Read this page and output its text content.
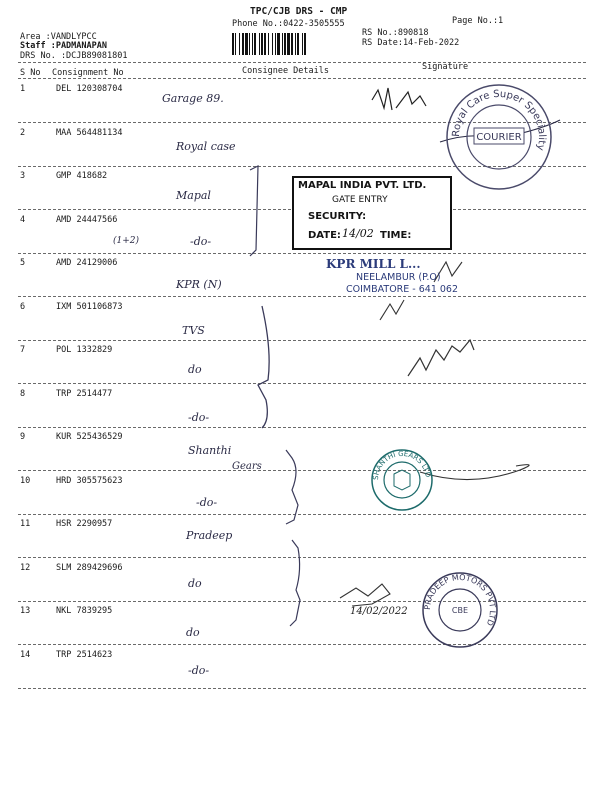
TPC/CJB DRS - CMP
Phone No.:0422-3505555	Page No.:1
Area :VANDLYPCC
Staff :PADMANAPAN
DRS No. :DCJB89081801
RS No.:890818
RS Date:14-Feb-2022
S No Consignment No	Consignee Details	Signature
1	DEL 120308704
Garage 89.
2	MAA 564481134
Royal case
3	GMP 418682
Mapal
4	AMD 24447566
-do-
5	AMD 24129006
KPR (N)
6	IXM 501106873
TVS
7	POL 1332829
do
8	TRP 2514477
-do-
9	KUR 525436529
Shanthi
10	HRD 305575623
-do-
11	HSR 2290957
Pradeep
12	SLM 289429696
do
13	NKL 7839295
do
14	TRP 2514623
-do-
(1+2)
Gears
Royal Care Super Speciality
COURIER
MAPAL INDIA PVT. LTD.
GATE ENTRY
SECURITY:
DATE: 14/02 TIME:
KPR MILL L...
NEELAMBUR (P.O)
COIMBATORE - 641 062
SHANTHI GEARS LTD
PRADEEP MOTORS PVT LTD
CBE
14/02/2022
